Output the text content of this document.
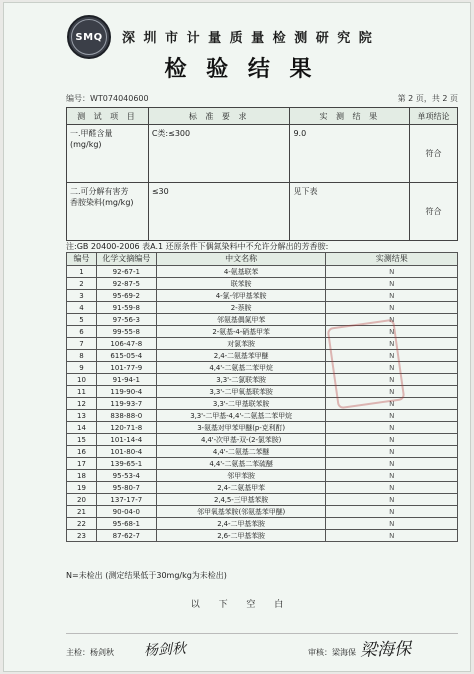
SMQ	深 圳 市 计 量 质 量 检 测 研 究 院
检 验 结 果
编号：WT074040600	第 2 页，共 2 页
测 试 项 目	标 准 要 求	实 测 结 果	单项结论
一.甲醛含量
(mg/kg)	C类:≤300	9.0	符合
二.可分解有害芳
香胺染料(mg/kg)	≤30	见下表	符合
注:GB 20400-2006 表A.1 还原条件下偶氮染料中不允许分解出的芳香胺:
编号	化学文摘编号	中文名称	实测结果
1	92-67-1	4-氨基联苯	N
2	92-87-5	联苯胺	N
3	95-69-2	4-氯-邻甲基苯胺	N
4	91-59-8	2-萘胺	N
5	97-56-3	邻氨基偶氮甲苯	N
6	99-55-8	2-氨基-4-硝基甲苯	N
7	106-47-8	对氯苯胺	N
8	615-05-4	2,4-二氨基苯甲醚	N
9	101-77-9	4,4'-二氨基二苯甲烷	N
10	91-94-1	3,3'-二氯联苯胺	N
11	119-90-4	3,3'-二甲氧基联苯胺	N
12	119-93-7	3,3'-二甲基联苯胺	N
13	838-88-0	3,3'-二甲基-4,4'-二氨基二苯甲烷	N
14	120-71-8	3-氨基对甲苯甲醚(p-克利酊)	N
15	101-14-4	4,4'-次甲基-双-(2-氯苯胺)	N
16	101-80-4	4,4'-二氨基二苯醚	N
17	139-65-1	4,4'-二氨基二苯硫醚	N
18	95-53-4	邻甲苯胺	N
19	95-80-7	2,4-二氨基甲苯	N
20	137-17-7	2,4,5-三甲基苯胺	N
21	90-04-0	邻甲氧基苯胺(邻氨基苯甲醚)	N
22	95-68-1	2,4-二甲基苯胺	N
23	87-62-7	2,6-二甲基苯胺	N
N=未检出 (测定结果低于30mg/kg为未检出)
以 下 空 白
主检：杨剑秋 杨剑秋	审核：梁海保 梁海保
